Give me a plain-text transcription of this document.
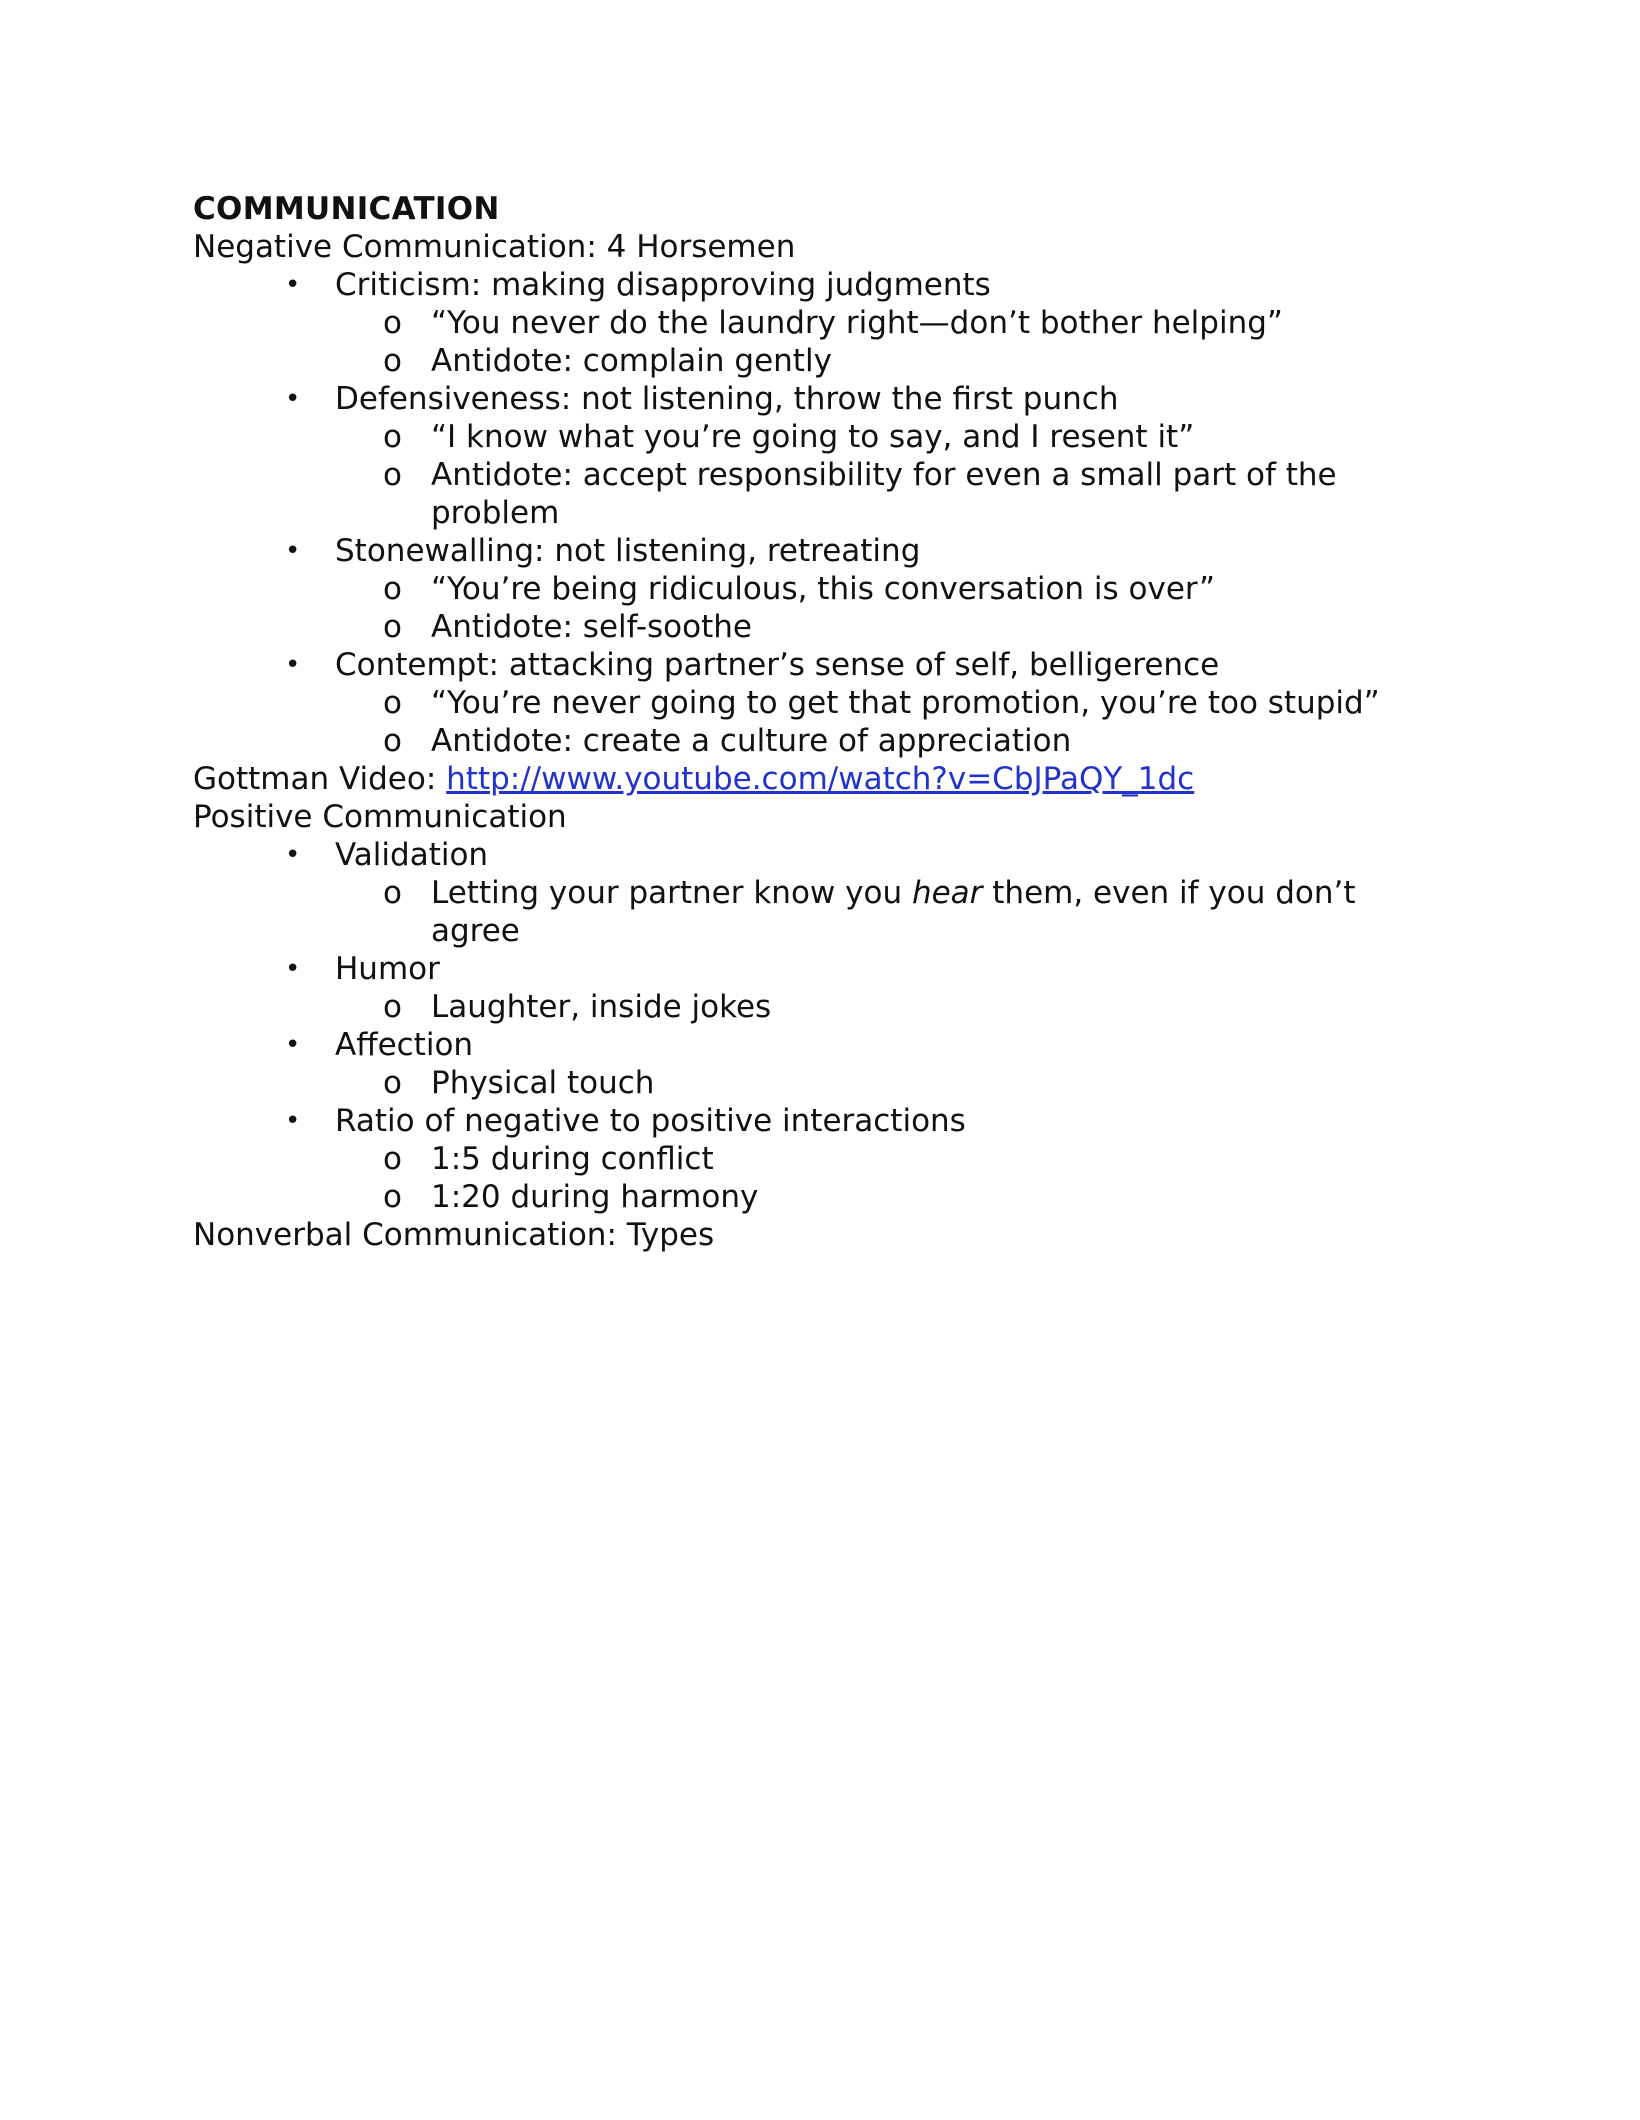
COMMUNICATION

Negative Communication: 4 Horsemen

• Criticism: making disapproving judgments
o “You never do the laundry right—don’t bother helping”
o Antidote: complain gently
• Defensiveness: not listening, throw the first punch
o “I know what you’re going to say, and I resent it”
o Antidote: accept responsibility for even a small part of the problem
• Stonewalling: not listening, retreating
o “You’re being ridiculous, this conversation is over”
o Antidote: self-soothe
• Contempt: attacking partner’s sense of self, belligerence
o “You’re never going to get that promotion, you’re too stupid”
o Antidote: create a culture of appreciation

Gottman Video: http://www.youtube.com/watch?v=CbJPaQY_1dc

Positive Communication

• Validation
o Letting your partner know you hear them, even if you don’t agree
• Humor
o Laughter, inside jokes
• Affection
o Physical touch
• Ratio of negative to positive interactions
o 1:5 during conflict
o 1:20 during harmony

Nonverbal Communication: Types
